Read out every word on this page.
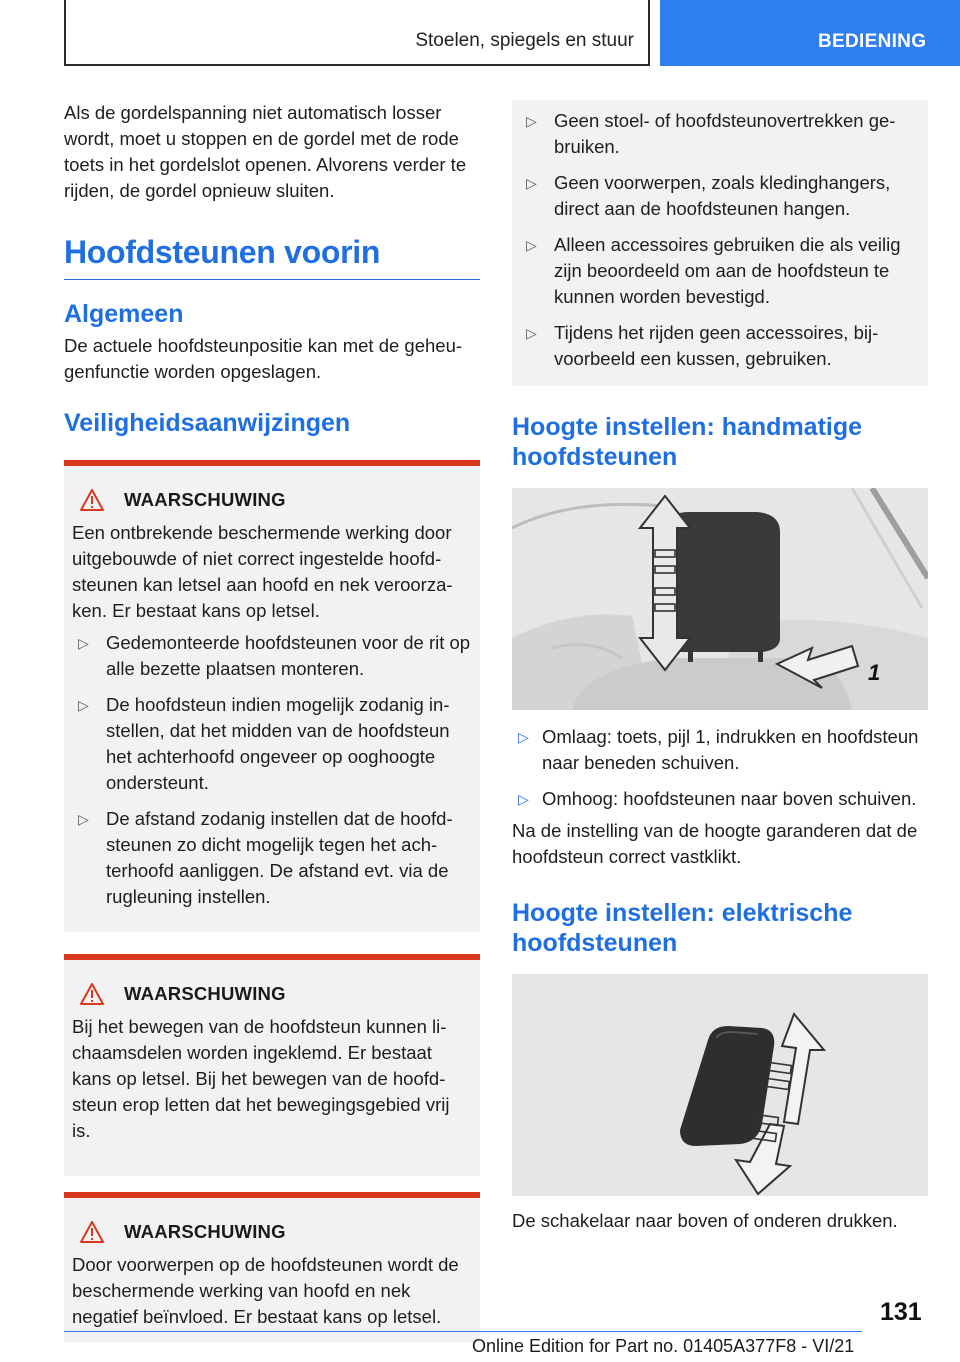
Stoelen, spiegels en stuur	BEDIENING

Als de gordelspanning niet automatisch losser wordt, moet u stoppen en de gordel met de rode toets in het gordelslot openen. Alvorens verder te rijden, de gordel opnieuw sluiten.

Hoofdsteunen voorin
Algemeen

De actuele hoofdsteunpositie kan met de geheugenfunctie worden opgeslagen.

Veiligheidsaanwijzingen
WAARSCHUWING

Een ontbrekende beschermende werking door uitgebouwde of niet correct ingestelde hoofdsteunen kan letsel aan hoofd en nek veroorzaken. Er bestaat kans op letsel.

▷ Gedemonteerde hoofdsteunen voor de rit op alle bezette plaatsen monteren.
▷ De hoofdsteun indien mogelijk zodanig instellen, dat het midden van de hoofdsteun het achterhoofd ongeveer op ooghoogte ondersteunt.
▷ De afstand zodanig instellen dat de hoofdsteunen zo dicht mogelijk tegen het achterhoofd aanliggen. De afstand evt. via de rugleuning instellen.
WAARSCHUWING

Bij het bewegen van de hoofdsteun kunnen lichaamsdelen worden ingeklemd. Er bestaat kans op letsel. Bij het bewegen van de hoofdsteun erop letten dat het bewegingsgebied vrij is.

WAARSCHUWING

Door voorwerpen op de hoofdsteunen wordt de beschermende werking van hoofd en nek negatief beïnvloed. Er bestaat kans op letsel.

▷ Geen stoel- of hoofdsteunovertrekken gebruiken.
▷ Geen voorwerpen, zoals kledinghangers, direct aan de hoofdsteunen hangen.
▷ Alleen accessoires gebruiken die als veilig zijn beoordeeld om aan de hoofdsteun te kunnen worden bevestigd.
▷ Tijdens het rijden geen accessoires, bijvoorbeeld een kussen, gebruiken.
Hoogte instellen: handmatige hoofdsteunen
1
▷ Omlaag: toets, pijl 1, indrukken en hoofdsteun naar beneden schuiven.
▷ Omhoog: hoofdsteunen naar boven schuiven.

Na de instelling van de hoogte garanderen dat de hoofdsteun correct vastklikt.

Hoogte instellen: elektrische hoofdsteunen

De schakelaar naar boven of onderen drukken.

131
Online Edition for Part no. 01405A377F8 - VI/21
